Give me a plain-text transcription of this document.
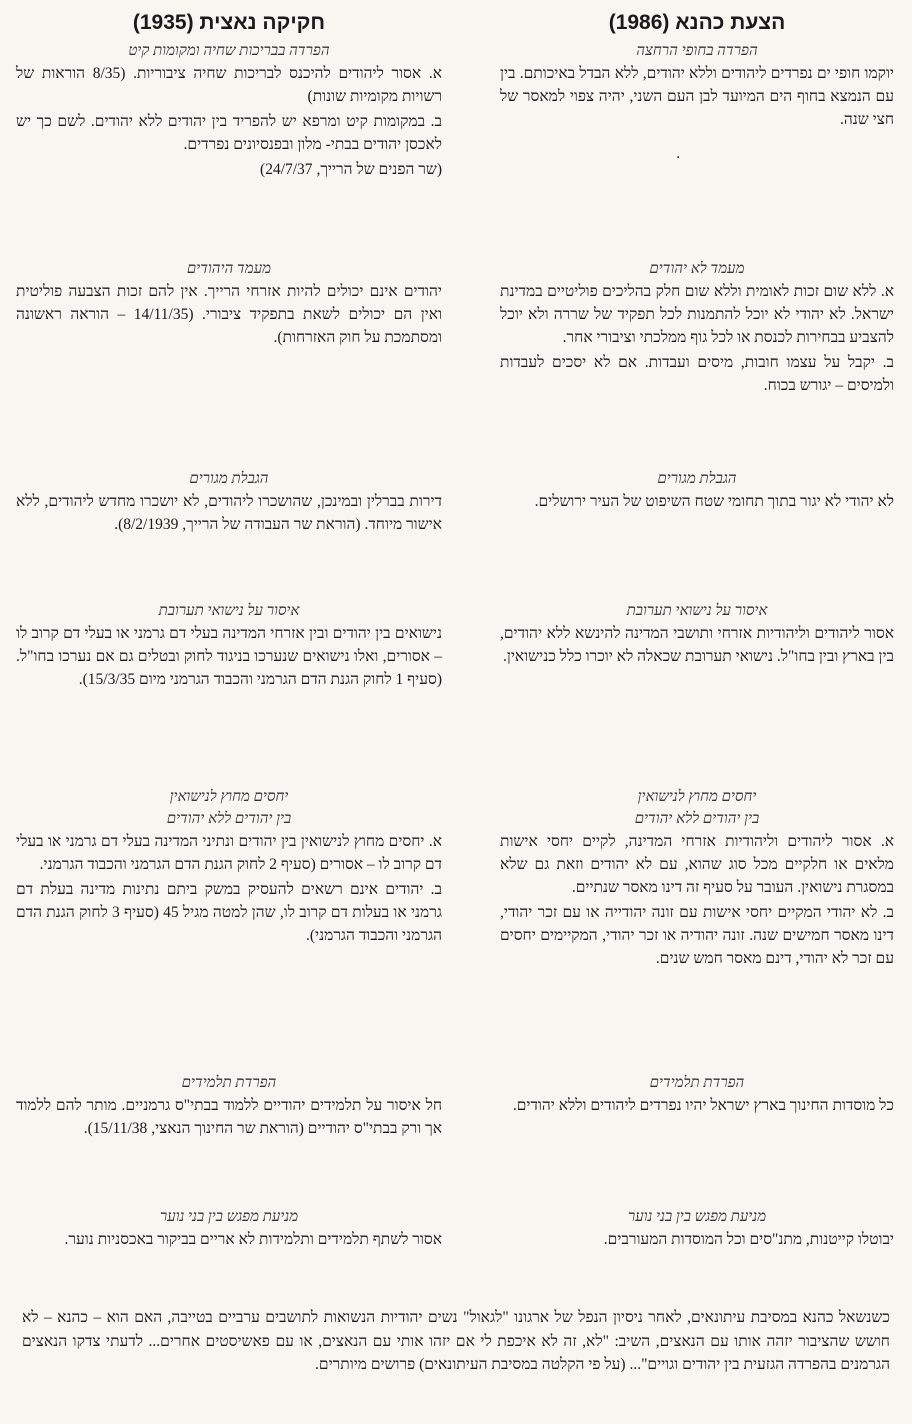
הצעת כהנא (1986)
הפרדה בחופי הרחצה

יוקמו חופי ים נפרדים ליהודים וללא יהודים, ללא הבדל באיכותם. בין עם הנמצא בחוף הים המיועד לבן העם השני, יהיה צפוי למאסר של חצי שנה.

·
מעמד לא יהודים

א. ללא שום זכות לאומית וללא שום חלק בהליכים פוליטיים במדינת ישראל. לא יהודי לא יוכל להתמנות לכל תפקיד של שררה ולא יוכל להצביע בבחירות לכנסת או לכל גוף ממלכתי וציבורי אחר.

ב. יקבל על עצמו חובות, מיסים ועבדות. אם לא יסכים לעבדות ולמיסים – יגורש בכוח.

הגבלת מגורים

לא יהודי לא יגור בתוך תחומי שטח השיפוט של העיר ירושלים.

איסור על נישואי תערובת

אסור ליהודים וליהודיות אזרחי ותושבי המדינה להינשא ללא יהודים, בין בארץ ובין בחו"ל. נישואי תערובת שכאלה לא יוכרו כלל כנישואין.

יחסים מחוץ לנישואין
בין יהודים ללא יהודים

א. אסור ליהודים וליהודיות אזרחי המדינה, לקיים יחסי אישות מלאים או חלקיים מכל סוג שהוא, עם לא יהודים וזאת גם שלא במסגרת נישואין. העובר על סעיף זה דינו מאסר שנתיים.

ב. לא יהודי המקיים יחסי אישות עם זונה יהודייה או עם זכר יהודי, דינו מאסר חמישים שנה. זונה יהודיה או זכר יהודי, המקיימים יחסים עם זכר לא יהודי, דינם מאסר חמש שנים.

הפרדת תלמידים

כל מוסדות החינוך בארץ ישראל יהיו נפרדים ליהודים וללא יהודים.

מניעת מפגש בין בני נוער

יבוטלו קייטנות, מתנ"סים וכל המוסדות המעורבים.

חקיקה נאצית (1935)
הפרדה בבריכות שחיה ומקומות קיט

א. אסור ליהודים להיכנס לבריכות שחיה ציבוריות. (8/35 הוראות של רשויות מקומיות שונות)

ב. במקומות קיט ומרפא יש להפריד בין יהודים ללא יהודים. לשם כך יש לאכסן יהודים בבתי- מלון ובפנסיונים נפרדים.

(שר הפנים של הרייך, 24/7/37)

מעמד היהודים

יהודים אינם יכולים להיות אזרחי הרייך. אין להם זכות הצבעה פוליטית ואין הם יכולים לשאת בתפקיד ציבורי. (14/11/35 – הוראה ראשונה ומסתמכת על חוק האזרחות).

הגבלת מגורים

דירות בברלין ובמינכן, שהושכרו ליהודים, לא יושכרו מחדש ליהודים, ללא אישור מיוחד. (הוראת שר העבודה של הרייך, 8/2/1939).

איסור על נישואי תערובת

נישואים בין יהודים ובין אזרחי המדינה בעלי דם גרמני או בעלי דם קרוב לו – אסורים, ואלו נישואים שנערכו בניגוד לחוק ובטלים גם אם נערכו בחו"ל. (סעיף 1 לחוק הגנת הדם הגרמני והכבוד הגרמני מיום 15/3/35).

יחסים מחוץ לנישואין
בין יהודים ללא יהודים

א. יחסים מחוץ לנישואין בין יהודים ונתיני המדינה בעלי דם גרמני או בעלי דם קרוב לו – אסורים (סעיף 2 לחוק הגנת הדם הגרמני והכבוד הגרמני.

ב. יהודים אינם רשאים להעסיק במשק ביתם נתינות מדינה בעלת דם גרמני או בעלות דם קרוב לו, שהן למטה מגיל 45 (סעיף 3 לחוק הגנת הדם הגרמני והכבוד הגרמני).

הפרדת תלמידים

חל איסור על תלמידים יהודיים ללמוד בבתי"ס גרמניים. מותר להם ללמוד אך ורק בבתי"ס יהודיים (הוראת שר החינוך הנאצי, 15/11/38).

מניעת מפגש בין בני נוער

אסור לשתף תלמידים ותלמידות לא אריים בביקור באכסניות נוער.

כשנשאל כהנא במסיבת עיתונאים, לאחר ניסיון הנפל של ארגונו "לגאול" נשים יהודיות הנשואות לתושבים ערביים בטייבה, האם הוא – כהנא – לא חושש שהציבור יזהה אותו עם הנאצים, השיב: "לא, זה לא איכפת לי אם יזהו אותי עם הנאצים, או עם פאשיסטים אחרים... לדעתי צדקו הנאצים הגרמנים בהפרדה הגזעית בין יהודים וגויים"... (על פי הקלטה במסיבת העיתונאים) פרושים מיותרים.
